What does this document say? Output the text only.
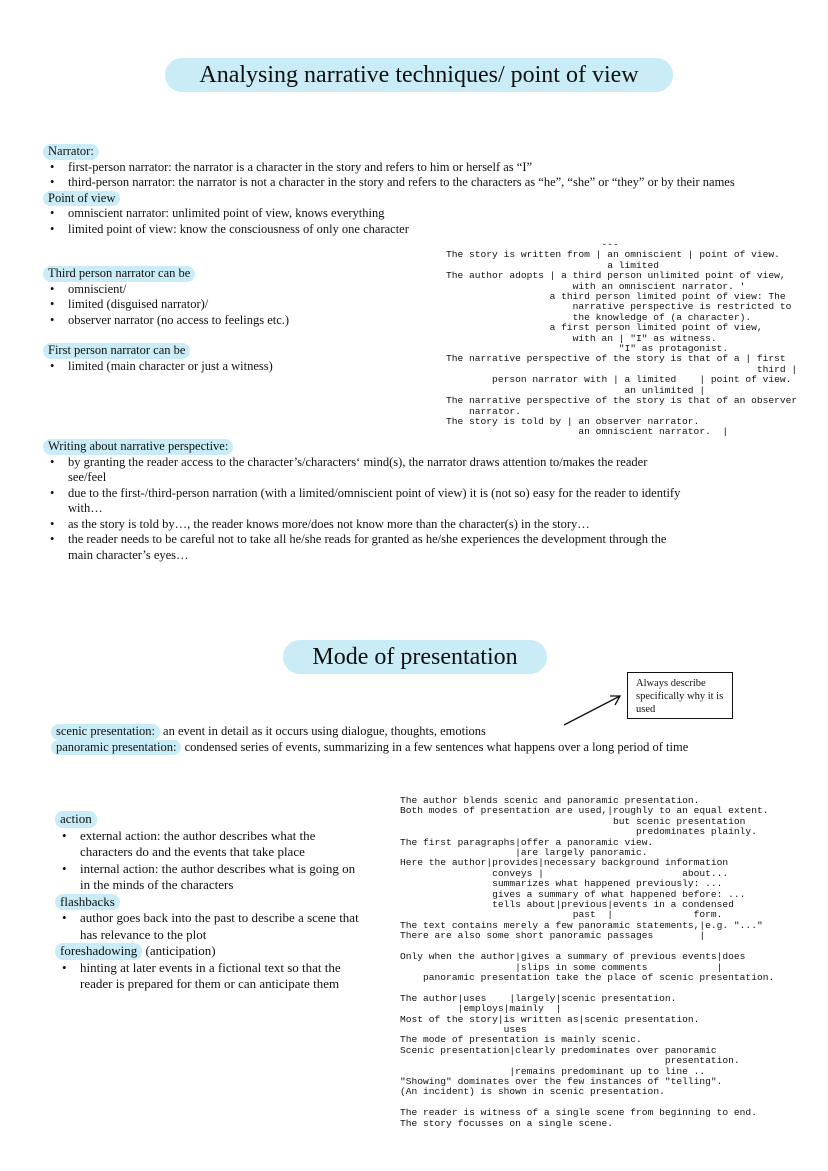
Analysing narrative techniques/ point of view
Narrator:
• first-person narrator: the narrator is a character in the story and refers to him or herself as “I”
• third-person narrator: the narrator is not a character in the story and refers to the characters as “he”, “she” or “they” or by their names
Point of view
• omniscient narrator: unlimited point of view, knows everything
• limited point of view: know the consciousness of only one character
Third person narrator can be
• omniscient/
• limited (disguised narrator)/
• observer narrator (no access to feelings etc.)
First person narrator can be
• limited (main character or just a witness)
---
The story is written from | an omniscient | point of view.
a limited
The author adopts | a third person unlimited point of view,
with an omniscient narrator. '
a third person limited point of view: The
narrative perspective is restricted to
the knowledge of (a character).
a first person limited point of view,
with an | "I" as witness.
"I" as protagonist.
The narrative perspective of the story is that of a | first
third |
person narrator with | a limited    | point of view.
an unlimited |
The narrative perspective of the story is that of an observer
narrator.
The story is told by | an observer narrator.
an omniscient narrator.  |
Writing about narrative perspective:
• by granting the reader access to the character’s/characters‘ mind(s), the narrator draws attention to/makes the reader see/feel
• due to the first-/third-person narration (with a limited/omniscient point of view) it is (not so) easy for the reader to identify with…
• as the story is told by…, the reader knows more/does not know more than the character(s) in the story…
• the reader needs to be careful not to take all he/she reads for granted as he/she experiences the development through the main character’s eyes…
Mode of presentation
Always describe specifically why it is used
scenic presentation: an event in detail as it occurs using dialogue, thoughts, emotions
panoramic presentation: condensed series of events, summarizing in a few sentences what happens over a long period of time
action
• external action: the author describes what the characters do and the events that take place
• internal action: the author describes what is going on in the minds of the characters
flashbacks
• author goes back into the past to describe a scene that has relevance to the plot
foreshadowing (anticipation)
• hinting at later events in a fictional text so that the reader is prepared for them or can anticipate them
The author blends scenic and panoramic presentation.
Both modes of presentation are used,|roughly to an equal extent.
but scenic presentation
predominates plainly.
The first paragraphs|offer a panoramic view.
|are largely panoramic.
Here the author|provides|necessary background information
conveys |                        about...
summarizes what happened previously: ...
gives a summary of what happened before: ...
tells about|previous|events in a condensed
past  |              form.
The text contains merely a few panoramic statements,|e.g. "..."
There are also some short panoramic passages        |

Only when the author|gives a summary of previous events|does
|slips in some comments            |
panoramic presentation take the place of scenic presentation.

The author|uses    |largely|scenic presentation.
|employs|mainly  |
Most of the story|is written as|scenic presentation.
uses
The mode of presentation is mainly scenic.
Scenic presentation|clearly predominates over panoramic
presentation.
|remains predominant up to line ..
"Showing" dominates over the few instances of "telling".
(An incident) is shown in scenic presentation.

The reader is witness of a single scene from beginning to end.
The story focusses on a single scene.
